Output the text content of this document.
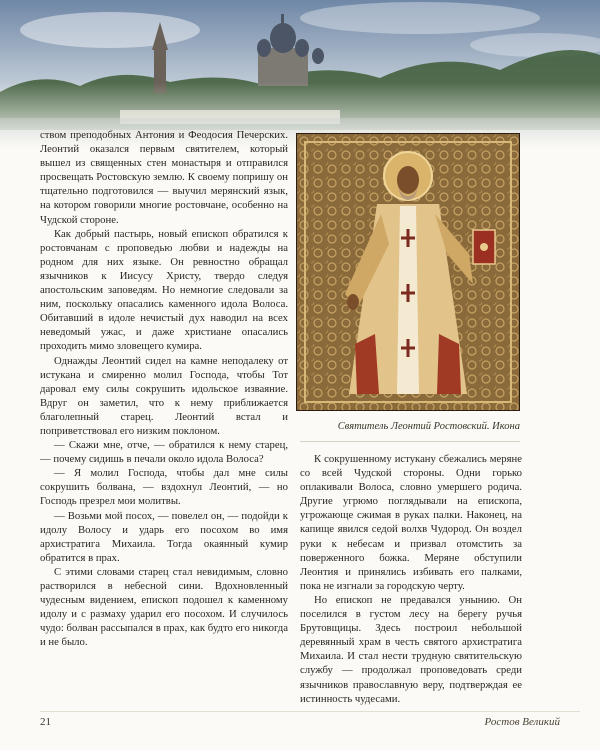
ством преподобных Антония и Феодосия Печерских. Леонтий оказался первым святителем, который вышел из священных стен монастыря и отправился просвещать Ростовскую землю. К своему попришу он тщательно подготовился — выучил мерянский язык, на котором говорили многие ростовчане, особенно на Чудской стороне.

Как добрый пастырь, новый епископ обратился к ростовчанам с проповедью любви и надежды на родном для них языке. Он ревностно обращал язычников к Иисусу Христу, твердо следуя апостольским заповедям. Но немногие следовали за ним, поскольку опасались каменного идола Волоса. Обитавший в идоле нечистый дух наводил на всех неведомый ужас, и даже христиане опасались проходить мимо зловещего кумира.

Однажды Леонтий сидел на камне неподалеку от истукана и смиренно молил Господа, чтобы Тот даровал ему силы сокрушить идольское изваяние. Вдруг он заметил, что к нему приближается благолепный старец. Леонтий встал и поприветствовал его низким поклоном.

— Скажи мне, отче, — обратился к нему старец, — почему сидишь в печали около идола Волоса?

— Я молил Господа, чтобы дал мне силы сокрушить болвана, — вздохнул Леонтий, — но Господь презрел мои молитвы.

— Возьми мой посох, — повелел он, — подойди к идолу Волосу и ударь его посохом во имя архистратига Михаила. Тогда окаянный кумир обратится в прах.

С этими словами старец стал невидимым, словно растворился в небесной сини. Вдохновленный чудесным видением, епископ подошел к каменному идолу и с размаху ударил его посохом. И случилось чудо: болван рассыпался в прах, как будто его никогда и не было.

Святитель Леонтий Ростовский. Икона

К сокрушенному истукану сбежались меряне со всей Чудской стороны. Одни горько оплакивали Волоса, словно умершего родича. Другие угрюмо поглядывали на епископа, угрожающе сжимая в руках палки. Наконец, на капище явился седой волхв Чудород. Он воздел руки к небесам и призвал отомстить за поверженного божка. Меряне обступили Леонтия и принялись избивать его палками, пока не изгнали за городскую черту.

Но епископ не предавался унынию. Он поселился в густом лесу на берегу ручья Брутовщицы. Здесь построил небольшой деревянный храм в честь святого архистратига Михаила. И стал нести трудную святительскую службу — продолжал проповедовать среди язычников православную веру, подтверждая ее истинность чудесами.

21	Ростов Великий
